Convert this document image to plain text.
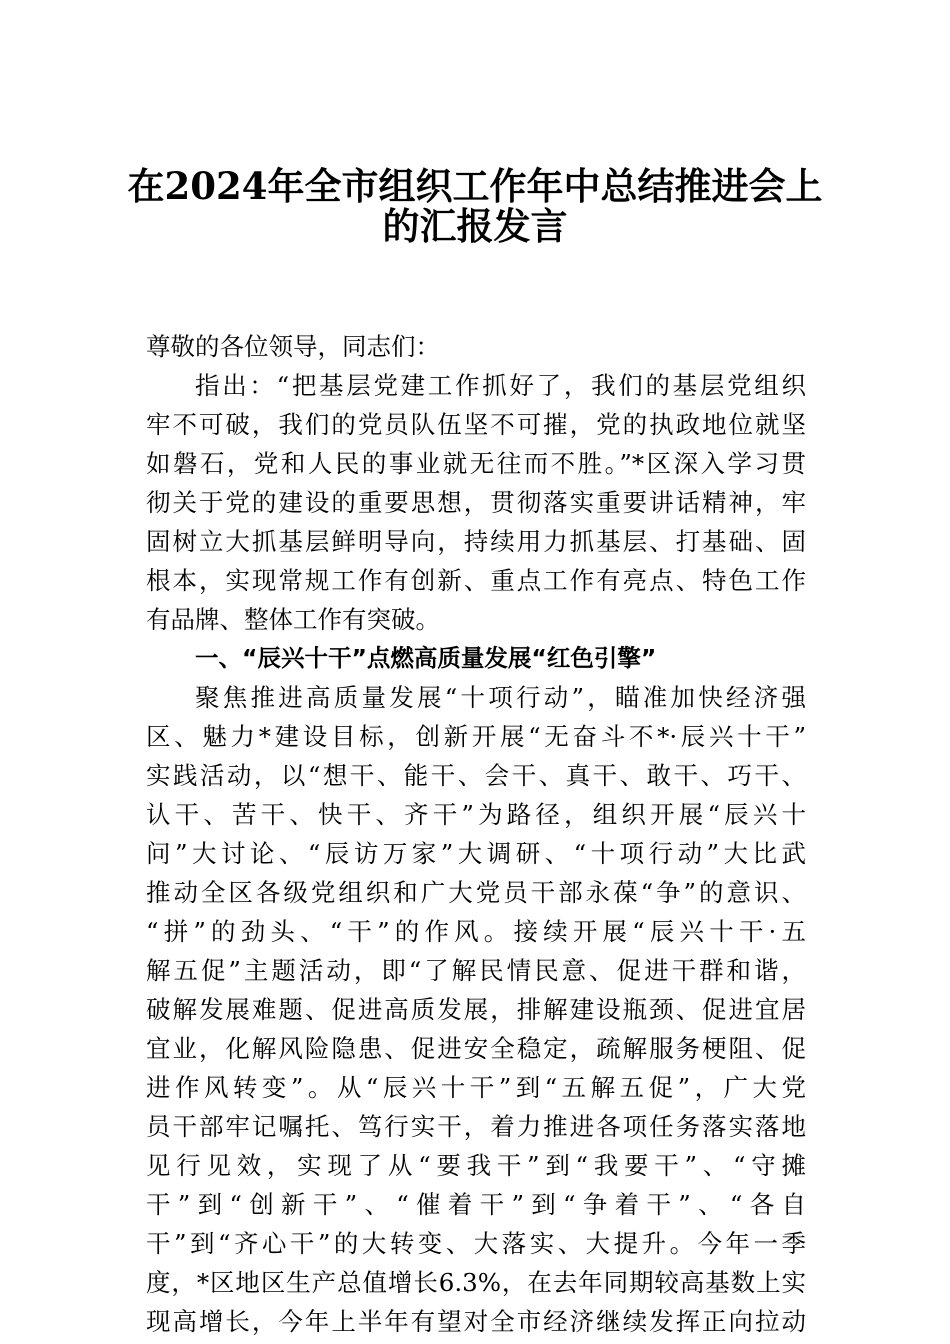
在2024年全市组织工作年中总结推进会上
的汇报发言
尊敬的各位领导，同志们：
指出：“把基层党建工作抓好了，我们的基层党组织
牢不可破，我们的党员队伍坚不可摧，党的执政地位就坚
如磐石，党和人民的事业就无往而不胜。”*区深入学习贯
彻关于党的建设的重要思想，贯彻落实重要讲话精神，牢
固树立大抓基层鲜明导向，持续用力抓基层、打基础、固
根本，实现常规工作有创新、重点工作有亮点、特色工作
有品牌、整体工作有突破。
一、“辰兴十干”点燃高质量发展“红色引擎”
聚焦推进高质量发展“十项行动”，瞄准加快经济强
区、魅力*建设目标，创新开展“无奋斗不*·辰兴十干”
实践活动，以“想干、能干、会干、真干、敢干、巧干、
认干、苦干、快干、齐干”为路径，组织开展“辰兴十
问”大讨论、“辰访万家”大调研、“十项行动”大比武
推动全区各级党组织和广大党员干部永葆“争”的意识、
“拼”的劲头、“干”的作风。接续开展“辰兴十干·五
解五促”主题活动，即“了解民情民意、促进干群和谐，
破解发展难题、促进高质发展，排解建设瓶颈、促进宜居
宜业，化解风险隐患、促进安全稳定，疏解服务梗阻、促
进作风转变”。从“辰兴十干”到“五解五促”，广大党
员干部牢记嘱托、笃行实干，着力推进各项任务落实落地
见行见效，实现了从“要我干”到“我要干”、“守摊
干”到“创新干”、“催着干”到“争着干”、“各自
干”到“齐心干”的大转变、大落实、大提升。今年一季
度，*区地区生产总值增长6.3%，在去年同期较高基数上实
现高增长，今年上半年有望对全市经济继续发挥正向拉动
